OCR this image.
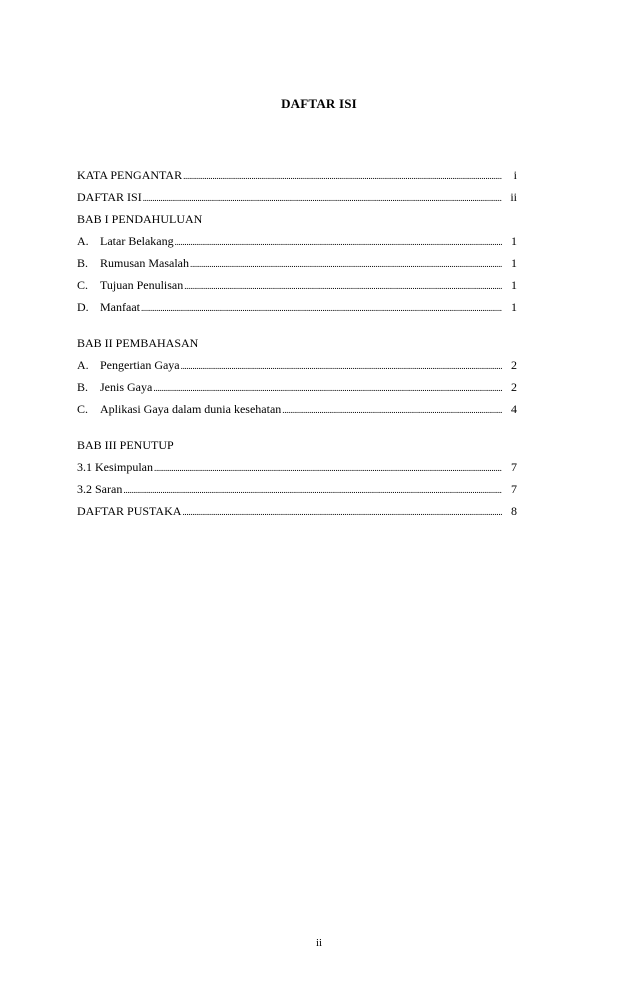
DAFTAR ISI
KATA PENGANTAR .....	i
DAFTAR ISI .....	ii
BAB I PENDAHULUAN
A. Latar Belakang .....	1
B. Rumusan Masalah .....	1
C. Tujuan Penulisan .....	1
D. Manfaat .....	1
BAB II PEMBAHASAN
A. Pengertian Gaya .....	2
B. Jenis Gaya .....	2
C. Aplikasi Gaya dalam dunia kesehatan .....	4
BAB III PENUTUP
3.1 Kesimpulan .....	7
3.2 Saran .....	7
DAFTAR PUSTAKA .....	8
ii
